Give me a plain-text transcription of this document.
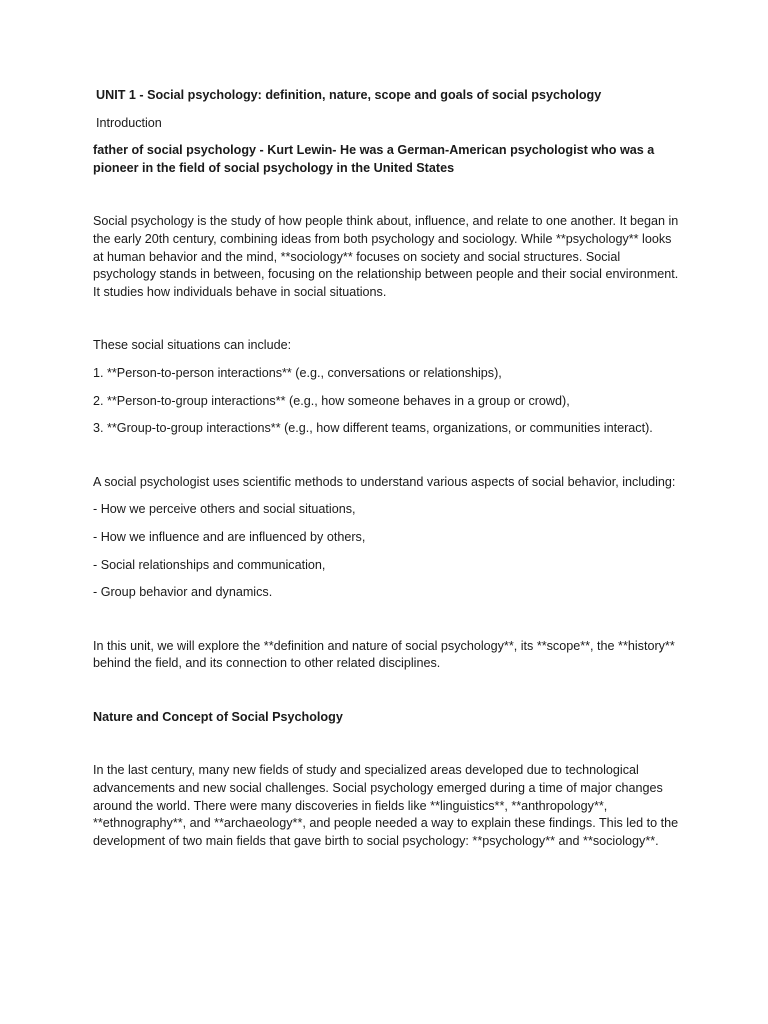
UNIT 1 - Social psychology: definition, nature, scope and goals of social psychology

Introduction

father of social psychology - Kurt Lewin- He was a German-American psychologist who was a pioneer in the field of social psychology in the United States

Social psychology is the study of how people think about, influence, and relate to one another. It began in the early 20th century, combining ideas from both psychology and sociology. While **psychology** looks at human behavior and the mind, **sociology** focuses on society and social structures. Social psychology stands in between, focusing on the relationship between people and their social environment. It studies how individuals behave in social situations.

These social situations can include:

1. **Person-to-person interactions** (e.g., conversations or relationships),

2. **Person-to-group interactions** (e.g., how someone behaves in a group or crowd),

3. **Group-to-group interactions** (e.g., how different teams, organizations, or communities interact).

A social psychologist uses scientific methods to understand various aspects of social behavior, including:

- How we perceive others and social situations,

- How we influence and are influenced by others,

- Social relationships and communication,

- Group behavior and dynamics.

In this unit, we will explore the **definition and nature of social psychology**, its **scope**, the **history** behind the field, and its connection to other related disciplines.

Nature and Concept of Social Psychology

In the last century, many new fields of study and specialized areas developed due to technological advancements and new social challenges. Social psychology emerged during a time of major changes around the world. There were many discoveries in fields like **linguistics**, **anthropology**, **ethnography**, and **archaeology**, and people needed a way to explain these findings. This led to the development of two main fields that gave birth to social psychology: **psychology** and **sociology**.
